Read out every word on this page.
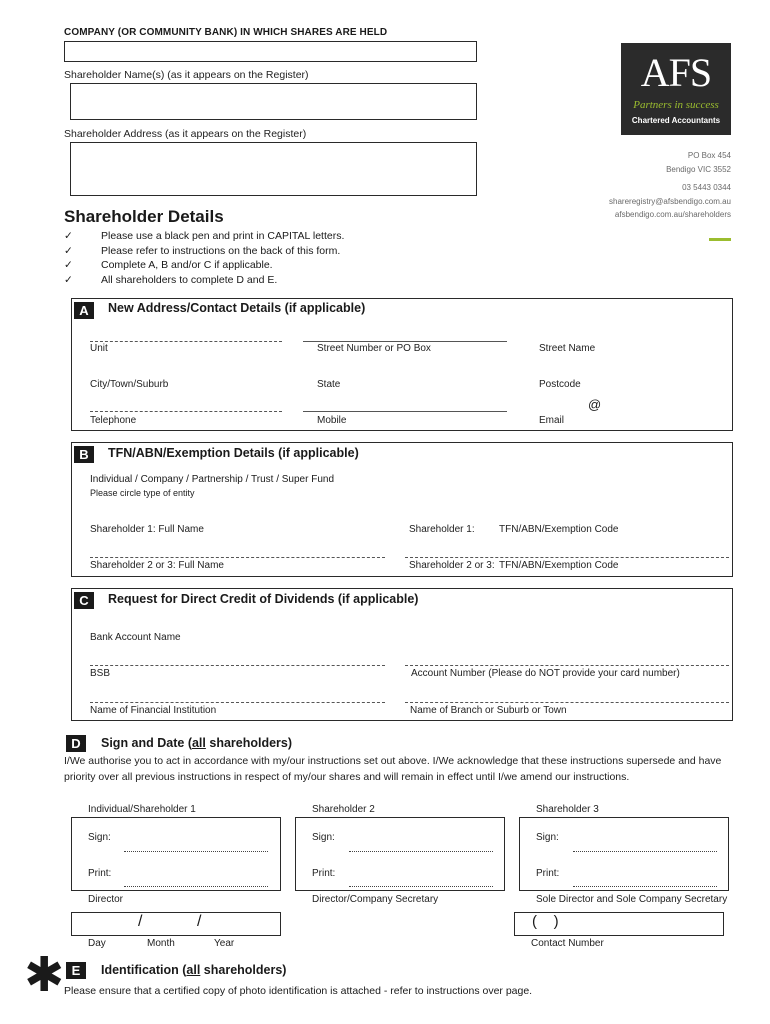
COMPANY (OR COMMUNITY BANK) IN WHICH SHARES ARE HELD
Shareholder Name(s) (as it appears on the Register)
Shareholder Address (as it appears on the Register)
AFS
Partners in success
Chartered Accountants
PO Box 454
Bendigo VIC 3552
03 5443 0344
shareregistry@afsbendigo.com.au
afsbendigo.com.au/shareholders
Shareholder Details
✓	Please use a black pen and print in CAPITAL letters.
✓	Please refer to instructions on the back of this form.
✓	Complete A, B and/or C if applicable.
✓	All shareholders to complete D and E.
A	New Address/Contact Details (if applicable)
Unit	Street Number or PO Box	Street Name
City/Town/Suburb	State	Postcode
@
Telephone	Mobile	Email
B	TFN/ABN/Exemption Details (if applicable)
Individual / Company / Partnership / Trust / Super Fund
Please circle type of entity
Shareholder 1: Full Name	Shareholder 1: TFN/ABN/Exemption Code
Shareholder 2 or 3: Full Name	Shareholder 2 or 3: TFN/ABN/Exemption Code
C	Request for Direct Credit of Dividends (if applicable)
Bank Account Name
BSB	Account Number (Please do NOT provide your card number)
Name of Financial Institution	Name of Branch or Suburb or Town
D	Sign and Date (all shareholders)
I/We authorise you to act in accordance with my/our instructions set out above. I/We acknowledge that these instructions supersede and have priority over all previous instructions in respect of my/our shares and will remain in effect until I/we amend our instructions.
Individual/Shareholder 1	Shareholder 2	Shareholder 3
Sign:
Print:
Sign:
Print:
Sign:
Print:
Director	Director/Company Secretary	Sole Director and Sole Company Secretary
/	/
Day	Month	Year
(    )
Contact Number
✱ E	Identification (all shareholders)
Please ensure that a certified copy of photo identification is attached - refer to instructions over page.
